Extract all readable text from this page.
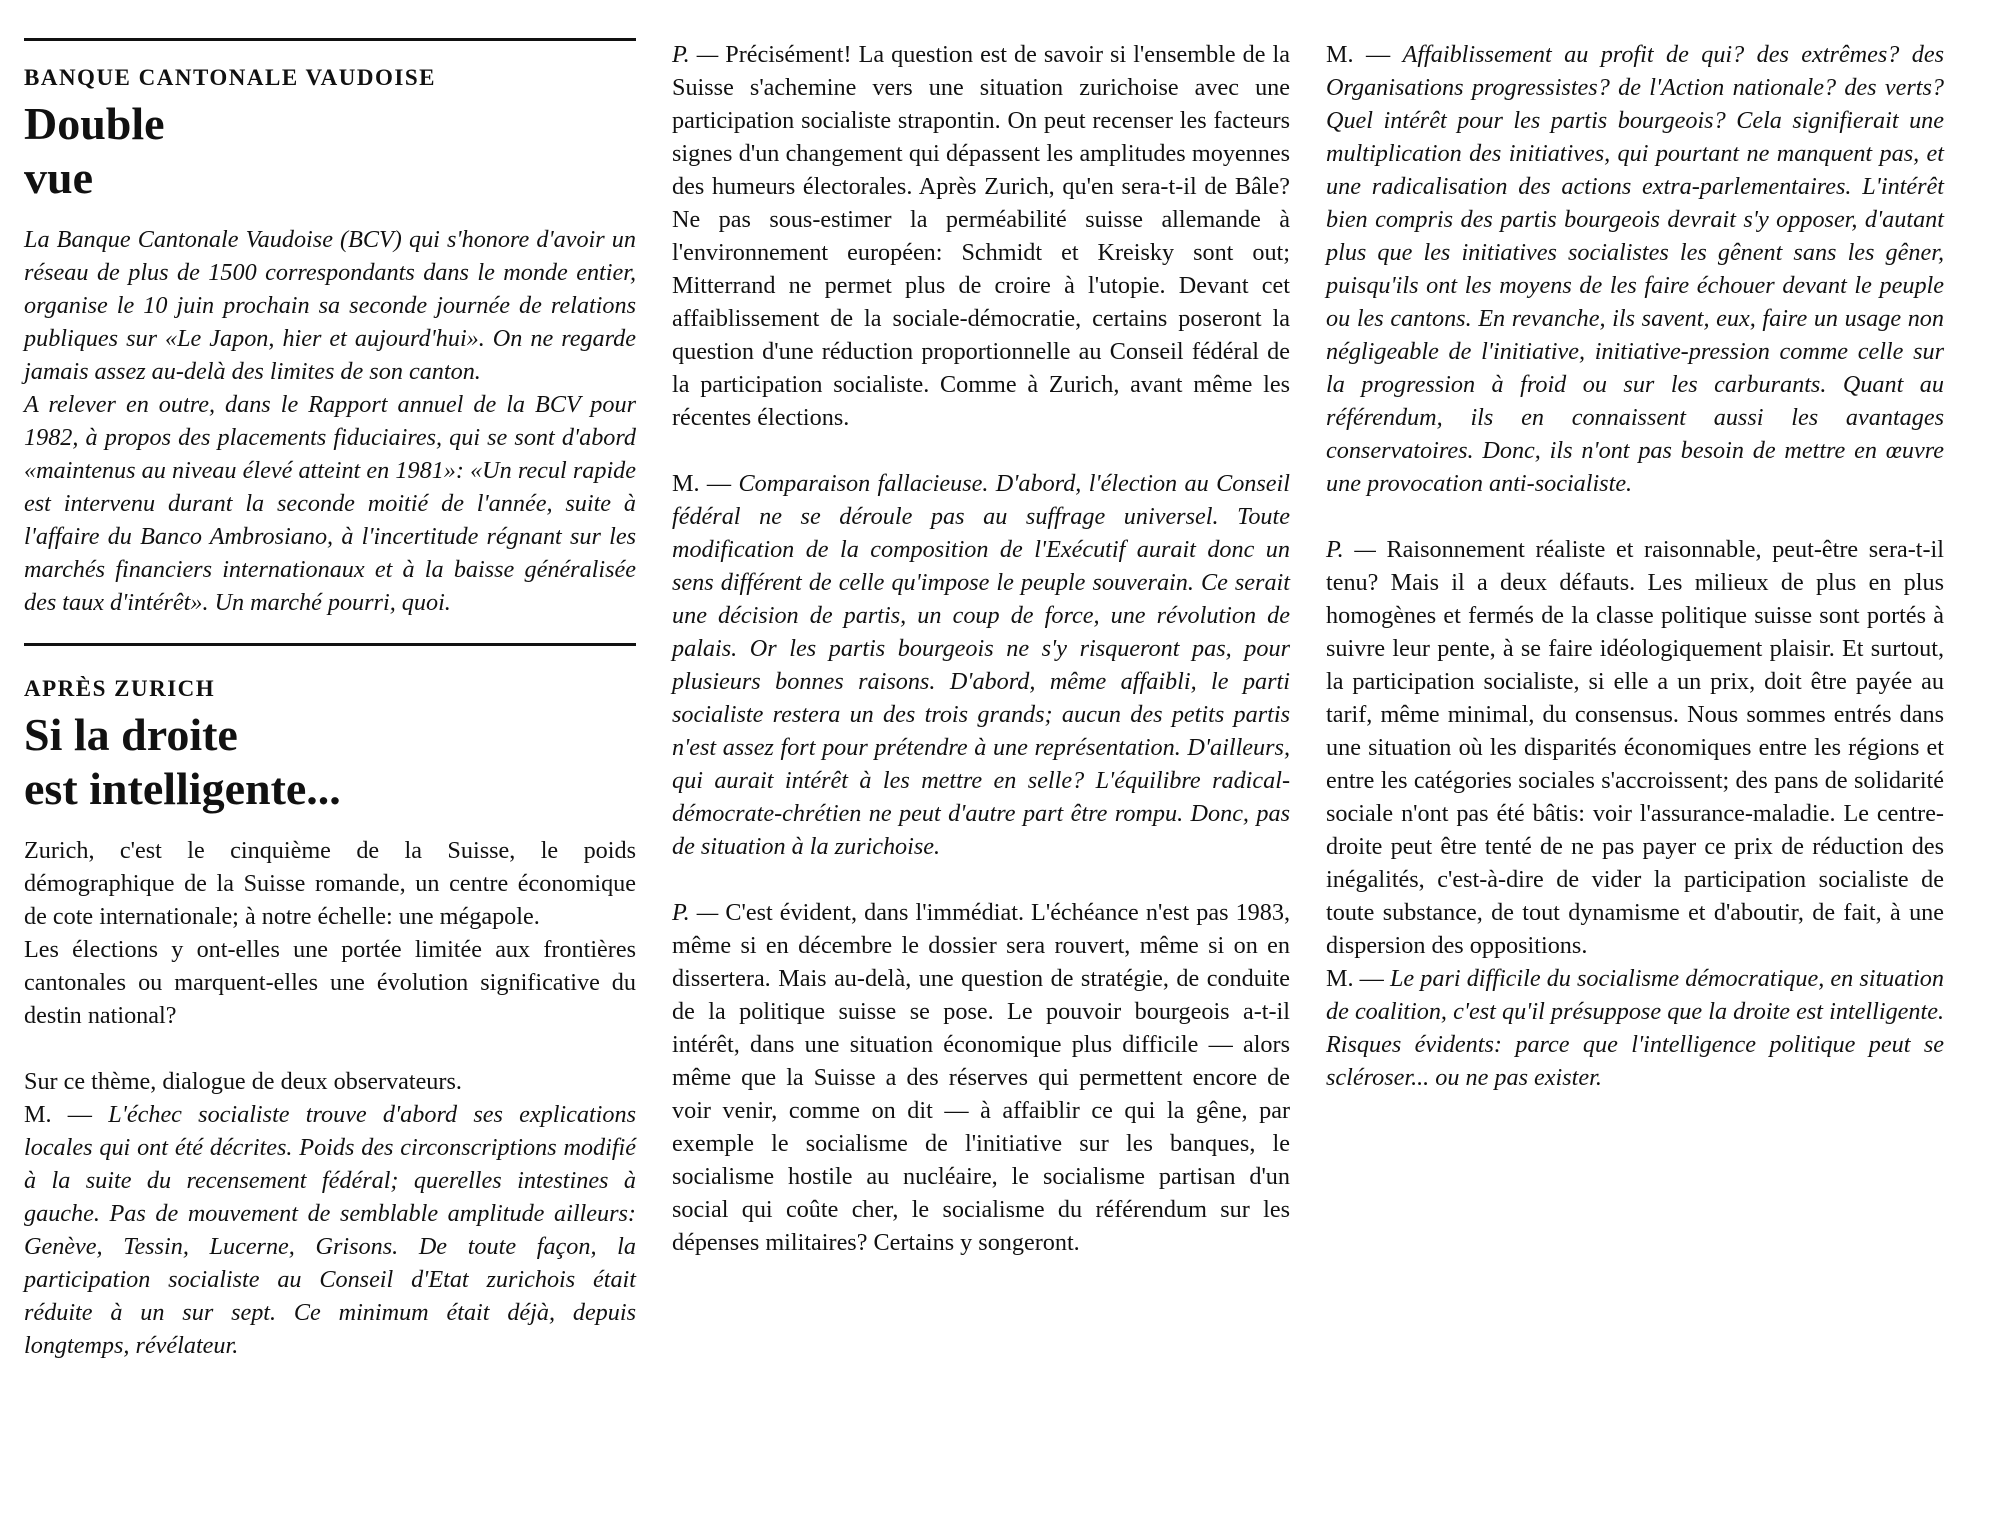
BANQUE CANTONALE VAUDOISE
Double
vue

La Banque Cantonale Vaudoise (BCV) qui s'honore d'avoir un réseau de plus de 1500 correspondants dans le monde entier, organise le 10 juin prochain sa seconde journée de relations publiques sur «Le Japon, hier et aujourd'hui». On ne regarde jamais assez au-delà des limites de son canton.

A relever en outre, dans le Rapport annuel de la BCV pour 1982, à propos des placements fiduciaires, qui se sont d'abord «maintenus au niveau élevé atteint en 1981»: «Un recul rapide est intervenu durant la seconde moitié de l'année, suite à l'affaire du Banco Ambrosiano, à l'incertitude régnant sur les marchés financiers internationaux et à la baisse généralisée des taux d'intérêt». Un marché pourri, quoi.

APRÈS ZURICH
Si la droite
est intelligente...

Zurich, c'est le cinquième de la Suisse, le poids démographique de la Suisse romande, un centre économique de cote internationale; à notre échelle: une mégapole.

Les élections y ont-elles une portée limitée aux frontières cantonales ou marquent-elles une évolution significative du destin national?

Sur ce thème, dialogue de deux observateurs.

M. — L'échec socialiste trouve d'abord ses explications locales qui ont été décrites. Poids des circonscriptions modifié à la suite du recensement fédéral; querelles intestines à gauche. Pas de mouvement de semblable amplitude ailleurs: Genève, Tessin, Lucerne, Grisons. De toute façon, la participation socialiste au Conseil d'Etat zurichois était réduite à un sur sept. Ce minimum était déjà, depuis longtemps, révélateur.

P. — Précisément! La question est de savoir si l'ensemble de la Suisse s'achemine vers une situation zurichoise avec une participation socialiste strapontin. On peut recenser les facteurs signes d'un changement qui dépassent les amplitudes moyennes des humeurs électorales. Après Zurich, qu'en sera-t-il de Bâle? Ne pas sous-estimer la perméabilité suisse allemande à l'environnement européen: Schmidt et Kreisky sont out; Mitterrand ne permet plus de croire à l'utopie. Devant cet affaiblissement de la sociale-démocratie, certains poseront la question d'une réduction proportionnelle au Conseil fédéral de la participation socialiste. Comme à Zurich, avant même les récentes élections.

M. — Comparaison fallacieuse. D'abord, l'élection au Conseil fédéral ne se déroule pas au suffrage universel. Toute modification de la composition de l'Exécutif aurait donc un sens différent de celle qu'impose le peuple souverain. Ce serait une décision de partis, un coup de force, une révolution de palais. Or les partis bourgeois ne s'y risqueront pas, pour plusieurs bonnes raisons. D'abord, même affaibli, le parti socialiste restera un des trois grands; aucun des petits partis n'est assez fort pour prétendre à une représentation. D'ailleurs, qui aurait intérêt à les mettre en selle? L'équilibre radical-démocrate-chrétien ne peut d'autre part être rompu. Donc, pas de situation à la zurichoise.

P. — C'est évident, dans l'immédiat. L'échéance n'est pas 1983, même si en décembre le dossier sera rouvert, même si on en dissertera. Mais au-delà, une question de stratégie, de conduite de la politique suisse se pose. Le pouvoir bourgeois a-t-il intérêt, dans une situation économique plus difficile — alors même que la Suisse a des réserves qui permettent encore de voir venir, comme on dit — à affaiblir ce qui la gêne, par exemple le socialisme de l'initiative sur les banques, le socialisme hostile au nucléaire, le socialisme partisan d'un social qui coûte cher, le socialisme du référendum sur les dépenses militaires? Certains y songeront.

M. — Affaiblissement au profit de qui? des extrêmes? des Organisations progressistes? de l'Action nationale? des verts? Quel intérêt pour les partis bourgeois? Cela signifierait une multiplication des initiatives, qui pourtant ne manquent pas, et une radicalisation des actions extra-parlementaires. L'intérêt bien compris des partis bourgeois devrait s'y opposer, d'autant plus que les initiatives socialistes les gênent sans les gêner, puisqu'ils ont les moyens de les faire échouer devant le peuple ou les cantons. En revanche, ils savent, eux, faire un usage non négligeable de l'initiative, initiative-pression comme celle sur la progression à froid ou sur les carburants. Quant au référendum, ils en connaissent aussi les avantages conservatoires. Donc, ils n'ont pas besoin de mettre en œuvre une provocation anti-socialiste.

P. — Raisonnement réaliste et raisonnable, peut-être sera-t-il tenu? Mais il a deux défauts. Les milieux de plus en plus homogènes et fermés de la classe politique suisse sont portés à suivre leur pente, à se faire idéologiquement plaisir. Et surtout, la participation socialiste, si elle a un prix, doit être payée au tarif, même minimal, du consensus. Nous sommes entrés dans une situation où les disparités économiques entre les régions et entre les catégories sociales s'accroissent; des pans de solidarité sociale n'ont pas été bâtis: voir l'assurance-maladie. Le centre-droite peut être tenté de ne pas payer ce prix de réduction des inégalités, c'est-à-dire de vider la participation socialiste de toute substance, de tout dynamisme et d'aboutir, de fait, à une dispersion des oppositions.

M. — Le pari difficile du socialisme démocratique, en situation de coalition, c'est qu'il présuppose que la droite est intelligente. Risques évidents: parce que l'intelligence politique peut se scléroser... ou ne pas exister.
